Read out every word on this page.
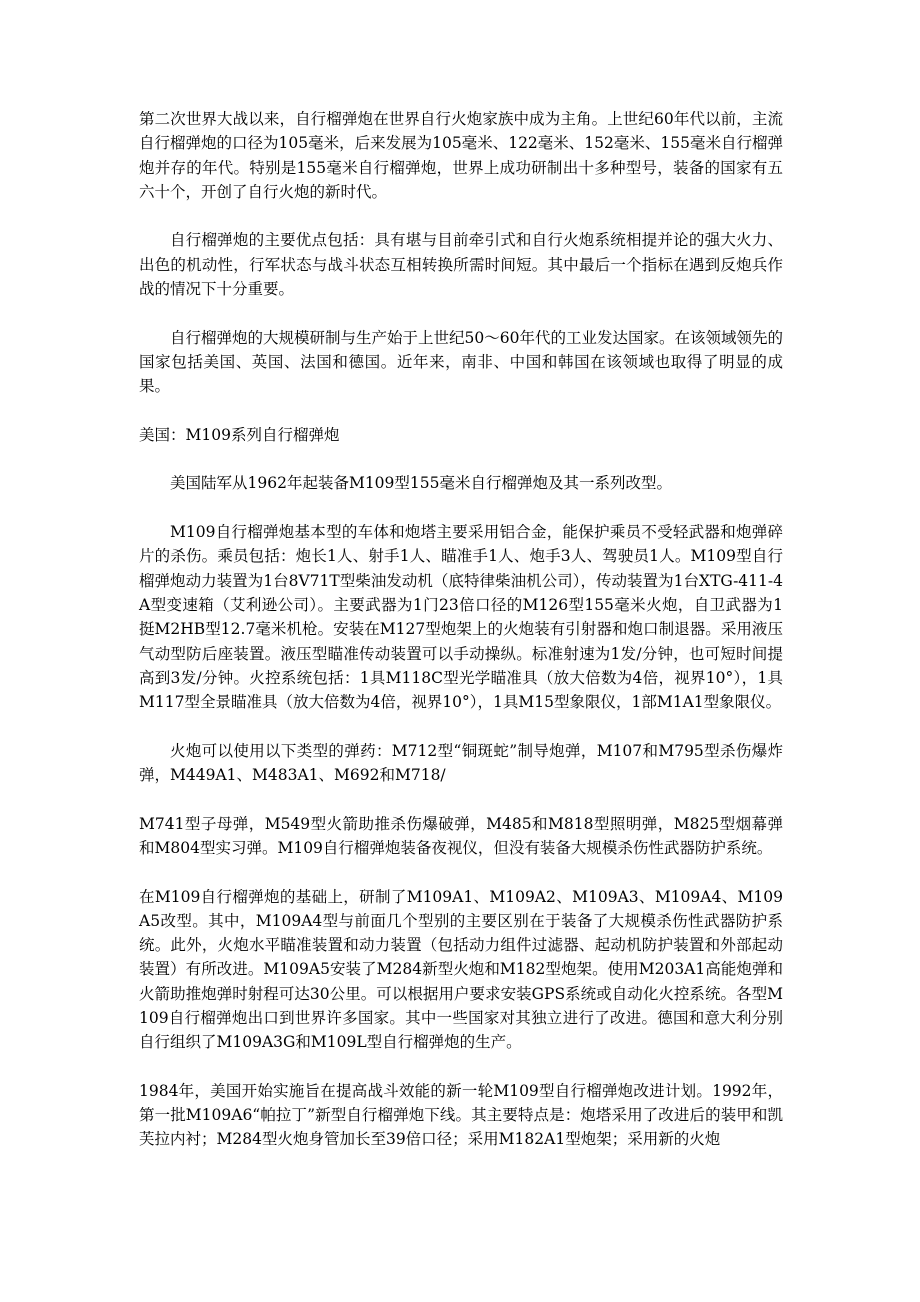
第二次世界大战以来，自行榴弹炮在世界自行火炮家族中成为主角。上世纪60年代以前，主流自行榴弹炮的口径为105毫米，后来发展为105毫米、122毫米、152毫米、155毫米自行榴弹炮并存的年代。特别是155毫米自行榴弹炮，世界上成功研制出十多种型号，装备的国家有五六十个，开创了自行火炮的新时代。

自行榴弹炮的主要优点包括：具有堪与目前牵引式和自行火炮系统相提并论的强大火力、出色的机动性，行军状态与战斗状态互相转换所需时间短。其中最后一个指标在遇到反炮兵作战的情况下十分重要。

自行榴弹炮的大规模研制与生产始于上世纪50～60年代的工业发达国家。在该领域领先的国家包括美国、英国、法国和德国。近年来，南非、中国和韩国在该领域也取得了明显的成果。

美国：M109系列自行榴弹炮

美国陆军从1962年起装备M109型155毫米自行榴弹炮及其一系列改型。

M109自行榴弹炮基本型的车体和炮塔主要采用铝合金，能保护乘员不受轻武器和炮弹碎片的杀伤。乘员包括：炮长1人、射手1人、瞄准手1人、炮手3人、驾驶员1人。M109型自行榴弹炮动力装置为1台8V71T型柴油发动机（底特律柴油机公司），传动装置为1台XTG-411-4A型变速箱（艾利逊公司）。主要武器为1门23倍口径的M126型155毫米火炮，自卫武器为1挺M2HB型12.7毫米机枪。安装在M127型炮架上的火炮装有引射器和炮口制退器。采用液压气动型防后座装置。液压型瞄准传动装置可以手动操纵。标准射速为1发/分钟，也可短时间提高到3发/分钟。火控系统包括：1具M118C型光学瞄准具（放大倍数为4倍，视界10°），1具M117型全景瞄准具（放大倍数为4倍，视界10°），1具M15型象限仪，1部M1A1型象限仪。

火炮可以使用以下类型的弹药：M712型“铜斑蛇”制导炮弹，M107和M795型杀伤爆炸弹，M449A1、M483A1、M692和M718/

M741型子母弹，M549型火箭助推杀伤爆破弹，M485和M818型照明弹，M825型烟幕弹和M804型实习弹。M109自行榴弹炮装备夜视仪，但没有装备大规模杀伤性武器防护系统。

在M109自行榴弹炮的基础上，研制了M109A1、M109A2、M109A3、M109A4、M109A5改型。其中，M109A4型与前面几个型别的主要区别在于装备了大规模杀伤性武器防护系统。此外，火炮水平瞄准装置和动力装置（包括动力组件过滤器、起动机防护装置和外部起动装置）有所改进。M109A5安装了M284新型火炮和M182型炮架。使用M203A1高能炮弹和火箭助推炮弹时射程可达30公里。可以根据用户要求安装GPS系统或自动化火控系统。各型M109自行榴弹炮出口到世界许多国家。其中一些国家对其独立进行了改进。德国和意大利分别自行组织了M109A3G和M109L型自行榴弹炮的生产。

1984年，美国开始实施旨在提高战斗效能的新一轮M109型自行榴弹炮改进计划。1992年，第一批M109A6“帕拉丁”新型自行榴弹炮下线。其主要特点是：炮塔采用了改进后的装甲和凯芙拉内衬；M284型火炮身管加长至39倍口径；采用M182A1型炮架；采用新的火炮
